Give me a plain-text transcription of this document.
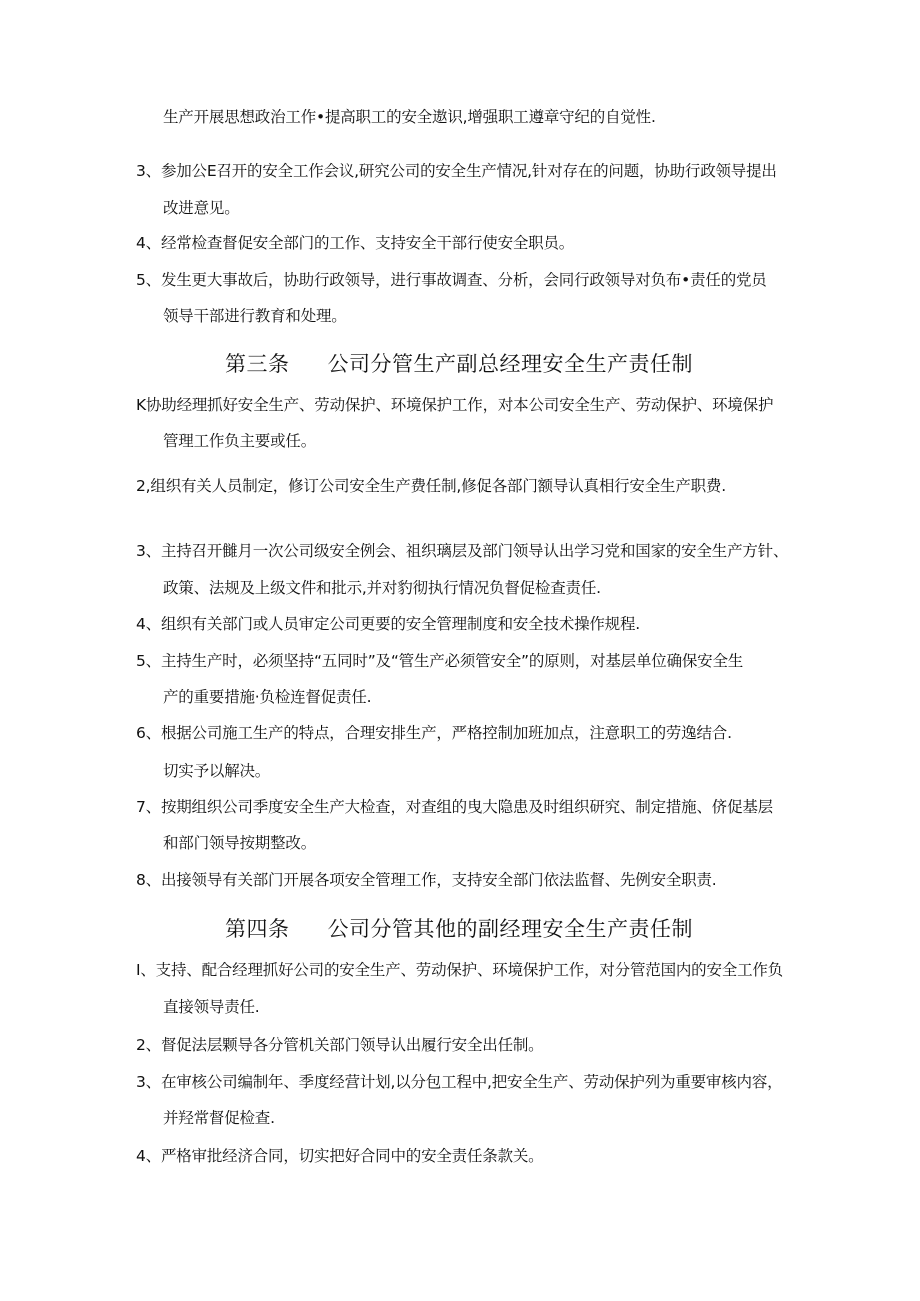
生产开展思想政治工作•提高职工的安全遨识,增强职工遵章守纪的自觉性.
3、参加公E召开的安全工作会议,研究公司的安全生产情况,针对存在的问题，协助行政领导提出
改进意见。
4、经常检查督促安全部门的工作、支持安全干部行使安全职员。
5、发生更大事故后，协助行政领导，进行事故调查、分析，会同行政领导对负布•责任的党员
领导干部进行教育和处理。
第三条 公司分管生产副总经理安全生产责任制
K协助经理抓好安全生产、劳动保护、环境保护工作，对本公司安全生产、劳动保护、环境保护
管理工作负主要或任。
2,组织有关人员制定，修订公司安全生产费任制,修促各部门额导认真相行安全生产职费.
3、主持召开雠月一次公司级安全例会、祖织璃层及部门领导认出学习党和国家的安全生产方针、
政策、法规及上级文件和批示,并对豹彻执行情况负督促检查责任.
4、组织有关部门或人员审定公司更要的安全管理制度和安全技术操作规程.
5、主持生产时，必须坚持“五同时”及“管生产必须管安全”的原则，对基层单位确保安全生
产的重要措施·负检连督促责任.
6、根据公司施工生产的特点，合理安排生产，严格控制加班加点，注意职工的劳逸结合.
切实予以解决。
7、按期组织公司季度安全生产大检查，对查组的曳大隐患及时组织研究、制定措施、侪促基层
和部门领导按期整改。
8、出接领导有关部门开展各项安全管理工作，支持安全部门依法监督、先例安全职责.
第四条 公司分管其他的副经理安全生产责任制
I、支持、配合经理抓好公司的安全生产、劳动保护、环境保护工作，对分管范国内的安全工作负
直接领导责任.
2、督促法层颗导各分管机关部门领导认出履行安全出任制。
3、在审核公司编制年、季度经营计划,以分包工程中,把安全生产、劳动保护列为重要审核内容，
并羟常督促检查.
4、严格审批经济合同，切实把好合同中的安全责任条款关。
